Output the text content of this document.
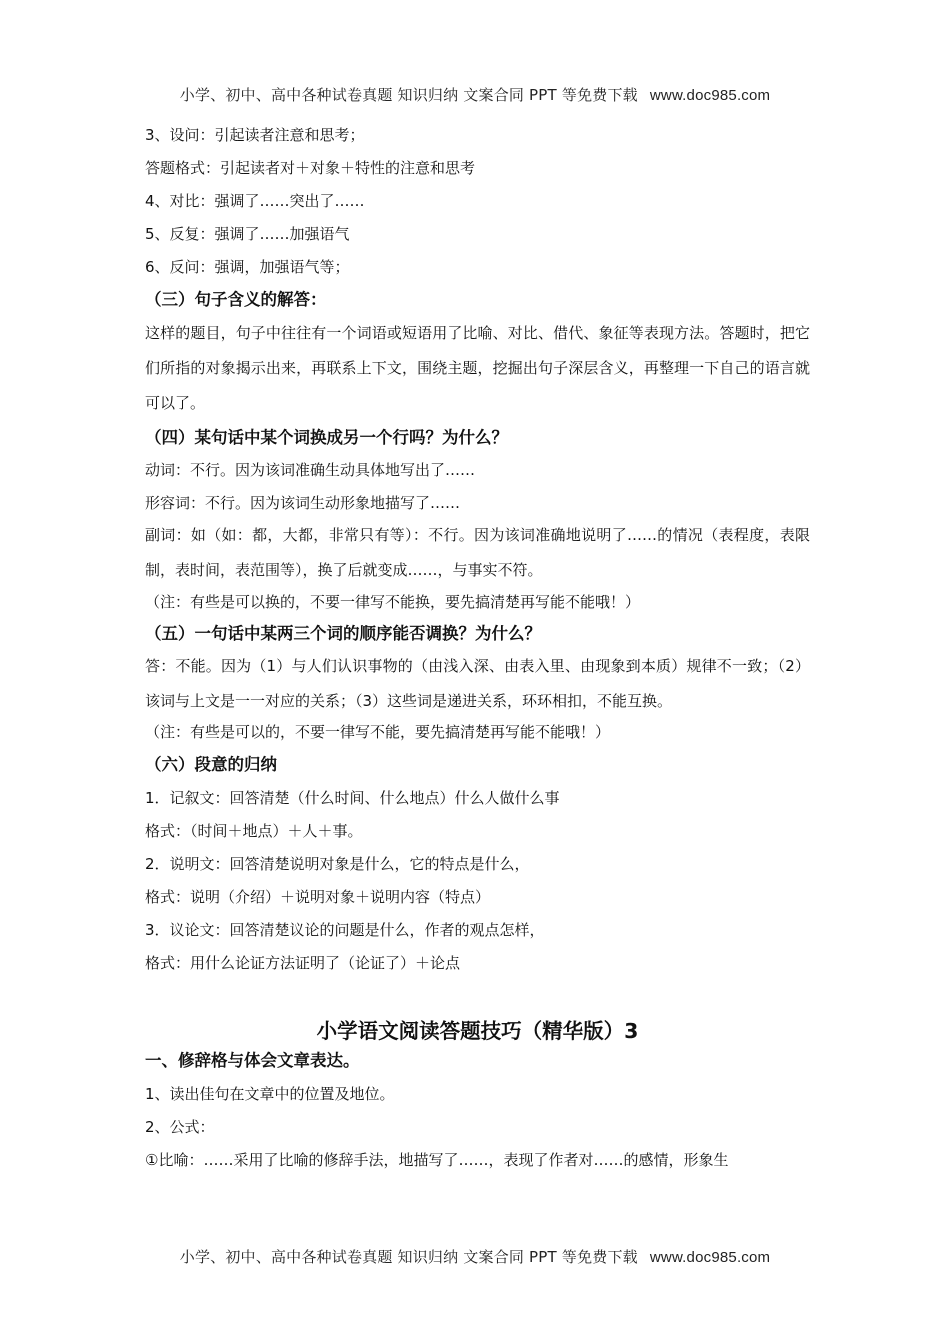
小学、初中、高中各种试卷真题 知识归纳 文案合同 PPT 等免费下载 www.doc985.com

3、设问：引起读者注意和思考；

答题格式：引起读者对＋对象＋特性的注意和思考

4、对比：强调了……突出了……

5、反复：强调了……加强语气

6、反问：强调，加强语气等；

（三）句子含义的解答：

这样的题目，句子中往往有一个词语或短语用了比喻、对比、借代、象征等表现方法。答题时，把它们所指的对象揭示出来，再联系上下文，围绕主题，挖掘出句子深层含义，再整理一下自己的语言就可以了。

（四）某句话中某个词换成另一个行吗？为什么？

动词：不行。因为该词准确生动具体地写出了……

形容词：不行。因为该词生动形象地描写了……

副词：如（如：都，大都，非常只有等）：不行。因为该词准确地说明了……的情况（表程度，表限制，表时间，表范围等），换了后就变成……，与事实不符。

（注：有些是可以换的，不要一律写不能换，要先搞清楚再写能不能哦！）

（五）一句话中某两三个词的顺序能否调换？为什么？

答：不能。因为（1）与人们认识事物的（由浅入深、由表入里、由现象到本质）规律不一致；（2）该词与上文是一一对应的关系；（3）这些词是递进关系，环环相扣，不能互换。

（注：有些是可以的，不要一律写不能，要先搞清楚再写能不能哦！）

（六）段意的归纳

1．记叙文：回答清楚（什么时间、什么地点）什么人做什么事

格式：（时间＋地点）＋人＋事。

2．说明文：回答清楚说明对象是什么，它的特点是什么，

格式：说明（介绍）＋说明对象＋说明内容（特点）

3．议论文：回答清楚议论的问题是什么，作者的观点怎样，

格式：用什么论证方法证明了（论证了）＋论点

小学语文阅读答题技巧（精华版）3

一、修辞格与体会文章表达。

1、读出佳句在文章中的位置及地位。

2、公式：

①比喻：……采用了比喻的修辞手法，地描写了……，表现了作者对……的感情，形象生

小学、初中、高中各种试卷真题 知识归纳 文案合同 PPT 等免费下载 www.doc985.com
